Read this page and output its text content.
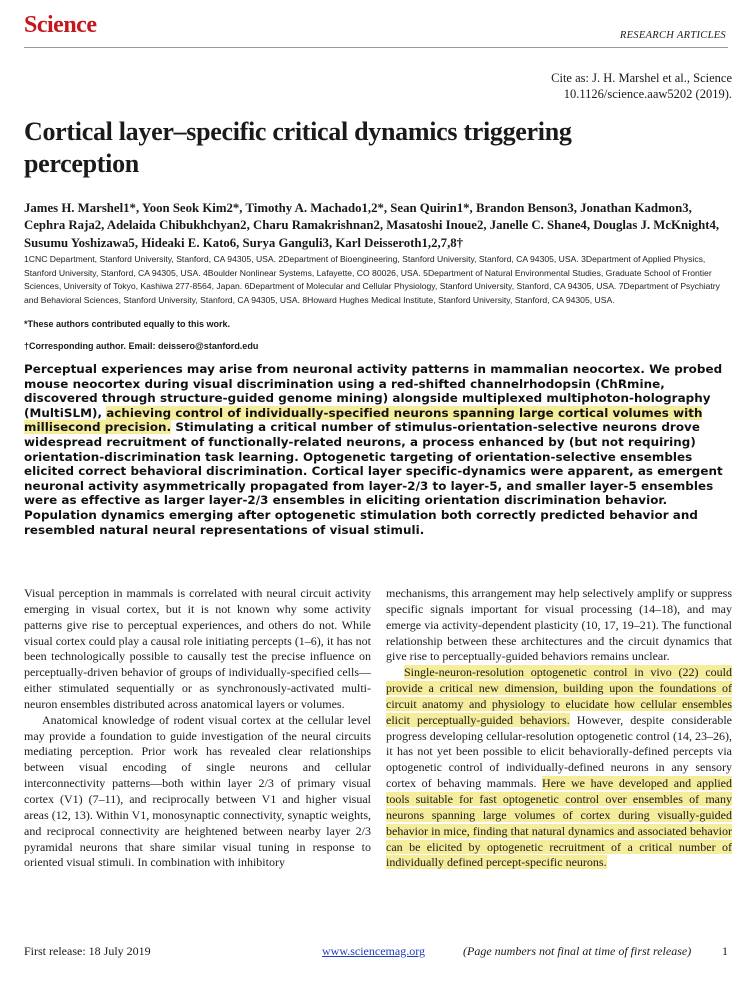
Science	RESEARCH ARTICLES
Cite as: J. H. Marshel et al., Science
10.1126/science.aaw5202 (2019).
Cortical layer–specific critical dynamics triggering perception
James H. Marshel1*, Yoon Seok Kim2*, Timothy A. Machado1,2*, Sean Quirin1*, Brandon Benson3, Jonathan Kadmon3, Cephra Raja2, Adelaida Chibukhchyan2, Charu Ramakrishnan2, Masatoshi Inoue2, Janelle C. Shane4, Douglas J. McKnight4, Susumu Yoshizawa5, Hideaki E. Kato6, Surya Ganguli3, Karl Deisseroth1,2,7,8†
1CNC Department, Stanford University, Stanford, CA 94305, USA. 2Department of Bioengineering, Stanford University, Stanford, CA 94305, USA. 3Department of Applied Physics, Stanford University, Stanford, CA 94305, USA. 4Boulder Nonlinear Systems, Lafayette, CO 80026, USA. 5Department of Natural Environmental Studies, Graduate School of Frontier Sciences, University of Tokyo, Kashiwa 277-8564, Japan. 6Department of Molecular and Cellular Physiology, Stanford University, Stanford, CA 94305, USA. 7Department of Psychiatry and Behavioral Sciences, Stanford University, Stanford, CA 94305, USA. 8Howard Hughes Medical Institute, Stanford University, Stanford, CA 94305, USA.
*These authors contributed equally to this work.
†Corresponding author. Email: deissero@stanford.edu
Perceptual experiences may arise from neuronal activity patterns in mammalian neocortex. We probed mouse neocortex during visual discrimination using a red-shifted channelrhodopsin (ChRmine, discovered through structure-guided genome mining) alongside multiplexed multiphoton-holography (MultiSLM), achieving control of individually-specified neurons spanning large cortical volumes with millisecond precision. Stimulating a critical number of stimulus-orientation-selective neurons drove widespread recruitment of functionally-related neurons, a process enhanced by (but not requiring) orientation-discrimination task learning. Optogenetic targeting of orientation-selective ensembles elicited correct behavioral discrimination. Cortical layer specific-dynamics were apparent, as emergent neuronal activity asymmetrically propagated from layer-2/3 to layer-5, and smaller layer-5 ensembles were as effective as larger layer-2/3 ensembles in eliciting orientation discrimination behavior. Population dynamics emerging after optogenetic stimulation both correctly predicted behavior and resembled natural neural representations of visual stimuli.

Visual perception in mammals is correlated with neural circuit activity emerging in visual cortex, but it is not known why some activity patterns give rise to perceptual experiences, and others do not. While visual cortex could play a causal role initiating percepts (1–6), it has not been technologically possible to causally test the precise influence on perceptually-driven behavior of groups of individually-specified cells—either stimulated sequentially or as synchronously-activated multi-neuron ensembles distributed across anatomical layers or volumes.

Anatomical knowledge of rodent visual cortex at the cellular level may provide a foundation to guide investigation of the neural circuits mediating perception. Prior work has revealed clear relationships between visual encoding of single neurons and cellular interconnectivity patterns—both within layer 2/3 of primary visual cortex (V1) (7–11), and reciprocally between V1 and higher visual areas (12, 13). Within V1, monosynaptic connectivity, synaptic weights, and reciprocal connectivity are heightened between nearby layer 2/3 pyramidal neurons that share similar visual tuning in response to oriented visual stimuli. In combination with inhibitory

mechanisms, this arrangement may help selectively amplify or suppress specific signals important for visual processing (14–18), and may emerge via activity-dependent plasticity (10, 17, 19–21). The functional relationship between these architectures and the circuit dynamics that give rise to perceptually-guided behaviors remains unclear.

Single-neuron-resolution optogenetic control in vivo (22) could provide a critical new dimension, building upon the foundations of circuit anatomy and physiology to elucidate how cellular ensembles elicit perceptually-guided behaviors. However, despite considerable progress developing cellular-resolution optogenetic control (14, 23–26), it has not yet been possible to elicit behaviorally-defined percepts via optogenetic control of individually-defined neurons in any sensory cortex of behaving mammals. Here we have developed and applied tools suitable for fast optogenetic control over ensembles of many neurons spanning large volumes of cortex during visually-guided behavior in mice, finding that natural dynamics and associated behavior can be elicited by optogenetic recruitment of a critical number of individually defined percept-specific neurons.

First release: 18 July 2019	www.sciencemag.org	(Page numbers not final at time of first release)	1
